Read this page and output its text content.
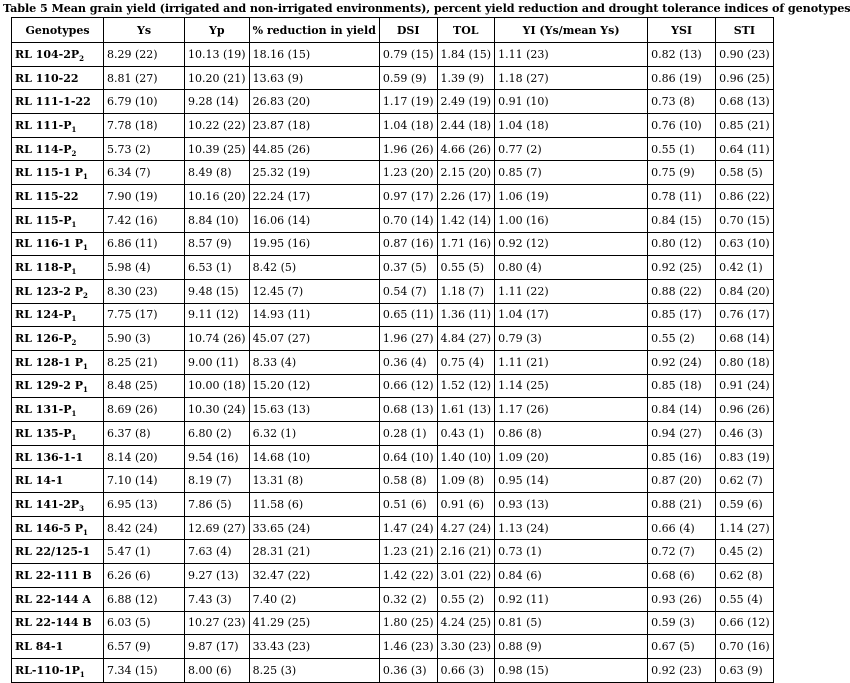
Table 5 Mean grain yield (irrigated and non-irrigated environments), percent yield reduction and drought tolerance indices of genotypes
Genotypes	Ys	Yp	% reduction in yield	DSI	TOL	YI (Ys/mean Ys)	YSI	STI
RL $104-2P_2$	8.29 (22)	10.13 (19)	18.16 (15)	0.79 (15)	1.84 (15)	1.11 (23)	0.82 (13)	0.90 (23)
RL 110-22	8.81 (27)	10.20 (21)	13.63 (9)	0.59 (9)	1.39 (9)	1.18 (27)	0.86 (19)	0.96 (25)
RL 111-1-22	6.79 (10)	9.28 (14)	26.83 (20)	1.17 (19)	2.49 (19)	0.91 (10)	0.73 (8)	0.68 (13)
RL $111-P_1$	7.78 (18)	10.22 (22)	23.87 (18)	1.04 (18)	2.44 (18)	1.04 (18)	0.76 (10)	0.85 (21)
RL $114-P_2$	5.73 (2)	10.39 (25)	44.85 (26)	1.96 (26)	4.66 (26)	0.77 (2)	0.55 (1)	0.64 (11)
RL 115-1 $P_1$	6.34 (7)	8.49 (8)	25.32 (19)	1.23 (20)	2.15 (20)	0.85 (7)	0.75 (9)	0.58 (5)
RL 115-22	7.90 (19)	10.16 (20)	22.24 (17)	0.97 (17)	2.26 (17)	1.06 (19)	0.78 (11)	0.86 (22)
RL $115-P_1$	7.42 (16)	8.84 (10)	16.06 (14)	0.70 (14)	1.42 (14)	1.00 (16)	0.84 (15)	0.70 (15)
RL 116-1 $P_1$	6.86 (11)	8.57 (9)	19.95 (16)	0.87 (16)	1.71 (16)	0.92 (12)	0.80 (12)	0.63 (10)
RL $118-P_1$	5.98 (4)	6.53 (1)	8.42 (5)	0.37 (5)	0.55 (5)	0.80 (4)	0.92 (25)	0.42 (1)
RL 123-2 $P_2$	8.30 (23)	9.48 (15)	12.45 (7)	0.54 (7)	1.18 (7)	1.11 (22)	0.88 (22)	0.84 (20)
RL $124-P_1$	7.75 (17)	9.11 (12)	14.93 (11)	0.65 (11)	1.36 (11)	1.04 (17)	0.85 (17)	0.76 (17)
RL $126-P_2$	5.90 (3)	10.74 (26)	45.07 (27)	1.96 (27)	4.84 (27)	0.79 (3)	0.55 (2)	0.68 (14)
RL 128-1 $P_1$	8.25 (21)	9.00 (11)	8.33 (4)	0.36 (4)	0.75 (4)	1.11 (21)	0.92 (24)	0.80 (18)
RL 129-2 $P_1$	8.48 (25)	10.00 (18)	15.20 (12)	0.66 (12)	1.52 (12)	1.14 (25)	0.85 (18)	0.91 (24)
RL $131-P_1$	8.69 (26)	10.30 (24)	15.63 (13)	0.68 (13)	1.61 (13)	1.17 (26)	0.84 (14)	0.96 (26)
RL $135-P_1$	6.37 (8)	6.80 (2)	6.32 (1)	0.28 (1)	0.43 (1)	0.86 (8)	0.94 (27)	0.46 (3)
RL 136-1-1	8.14 (20)	9.54 (16)	14.68 (10)	0.64 (10)	1.40 (10)	1.09 (20)	0.85 (16)	0.83 (19)
RL 14-1	7.10 (14)	8.19 (7)	13.31 (8)	0.58 (8)	1.09 (8)	0.95 (14)	0.87 (20)	0.62 (7)
RL $141-2P_3$	6.95 (13)	7.86 (5)	11.58 (6)	0.51 (6)	0.91 (6)	0.93 (13)	0.88 (21)	0.59 (6)
RL 146-5 $P_1$	8.42 (24)	12.69 (27)	33.65 (24)	1.47 (24)	4.27 (24)	1.13 (24)	0.66 (4)	1.14 (27)
RL 22/125-1	5.47 (1)	7.63 (4)	28.31 (21)	1.23 (21)	2.16 (21)	0.73 (1)	0.72 (7)	0.45 (2)
RL 22-111 B	6.26 (6)	9.27 (13)	32.47 (22)	1.42 (22)	3.01 (22)	0.84 (6)	0.68 (6)	0.62 (8)
RL 22-144 A	6.88 (12)	7.43 (3)	7.40 (2)	0.32 (2)	0.55 (2)	0.92 (11)	0.93 (26)	0.55 (4)
RL 22-144 B	6.03 (5)	10.27 (23)	41.29 (25)	1.80 (25)	4.24 (25)	0.81 (5)	0.59 (3)	0.66 (12)
RL 84-1	6.57 (9)	9.87 (17)	33.43 (23)	1.46 (23)	3.30 (23)	0.88 (9)	0.67 (5)	0.70 (16)
$RL-110-1P_1$	7.34 (15)	8.00 (6)	8.25 (3)	0.36 (3)	0.66 (3)	0.98 (15)	0.92 (23)	0.63 (9)
